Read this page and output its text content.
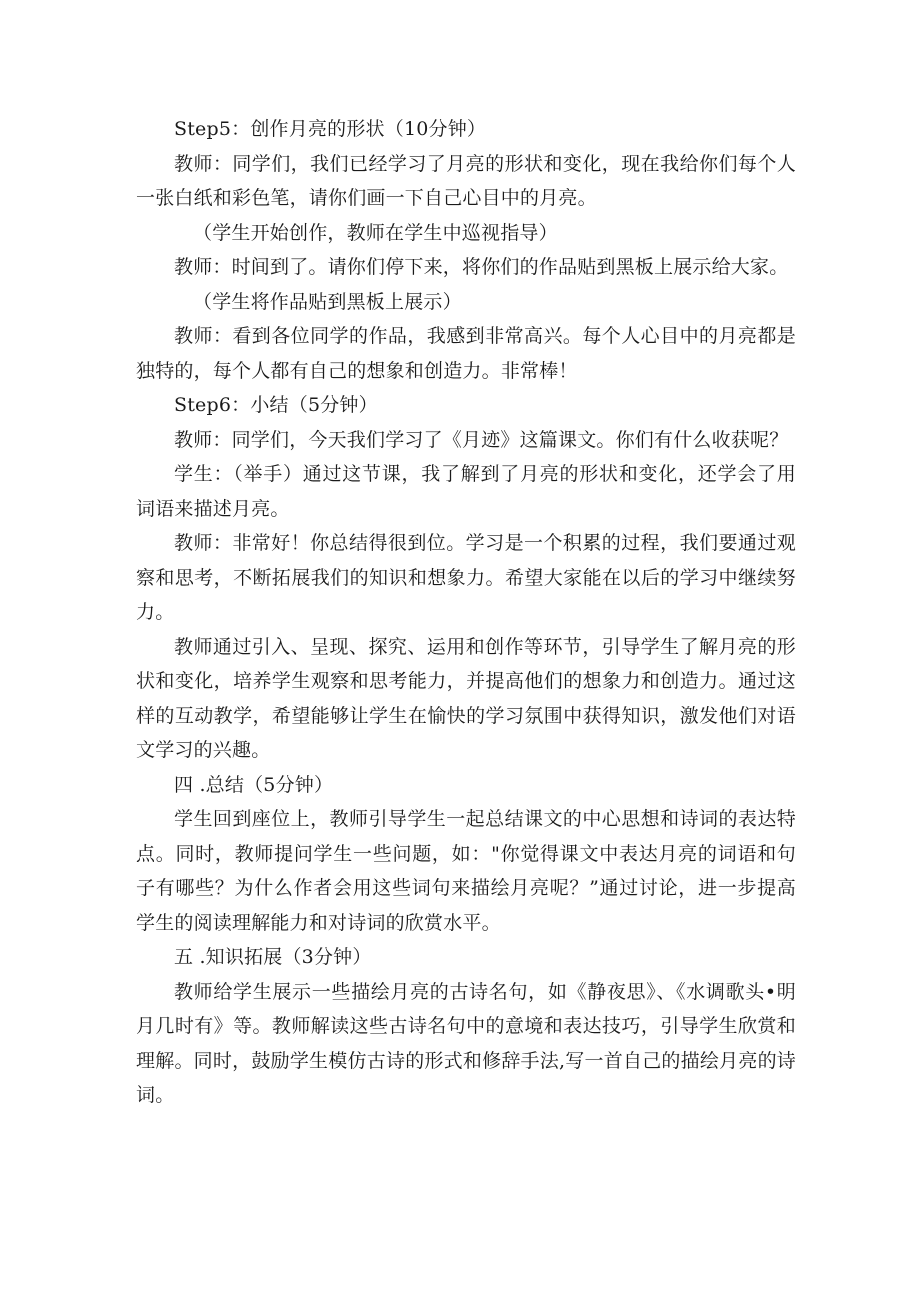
Step5：创作月亮的形状（10分钟）

教师：同学们，我们已经学习了月亮的形状和变化，现在我给你们每个人一张白纸和彩色笔，请你们画一下自己心目中的月亮。

（学生开始创作，教师在学生中巡视指导）

教师：时间到了。请你们停下来，将你们的作品贴到黑板上展示给大家。

（学生将作品贴到黑板上展示）

教师：看到各位同学的作品，我感到非常高兴。每个人心目中的月亮都是独特的，每个人都有自己的想象和创造力。非常棒！

Step6：小结（5分钟）

教师：同学们，今天我们学习了《月迹》这篇课文。你们有什么收获呢？

学生：（举手）通过这节课，我了解到了月亮的形状和变化，还学会了用词语来描述月亮。

教师：非常好！你总结得很到位。学习是一个积累的过程，我们要通过观察和思考，不断拓展我们的知识和想象力。希望大家能在以后的学习中继续努力。

教师通过引入、呈现、探究、运用和创作等环节，引导学生了解月亮的形状和变化，培养学生观察和思考能力，并提高他们的想象力和创造力。通过这样的互动教学，希望能够让学生在愉快的学习氛围中获得知识，激发他们对语文学习的兴趣。

四 .总结（5分钟）

学生回到座位上，教师引导学生一起总结课文的中心思想和诗词的表达特点。同时，教师提问学生一些问题，如："你觉得课文中表达月亮的词语和句子有哪些？为什么作者会用这些词句来描绘月亮呢？”通过讨论，进一步提高学生的阅读理解能力和对诗词的欣赏水平。

五 .知识拓展（3分钟）

教师给学生展示一些描绘月亮的古诗名句，如《静夜思》、《水调歌头•明月几时有》等。教师解读这些古诗名句中的意境和表达技巧，引导学生欣赏和理解。同时，鼓励学生模仿古诗的形式和修辞手法,写一首自己的描绘月亮的诗词。
